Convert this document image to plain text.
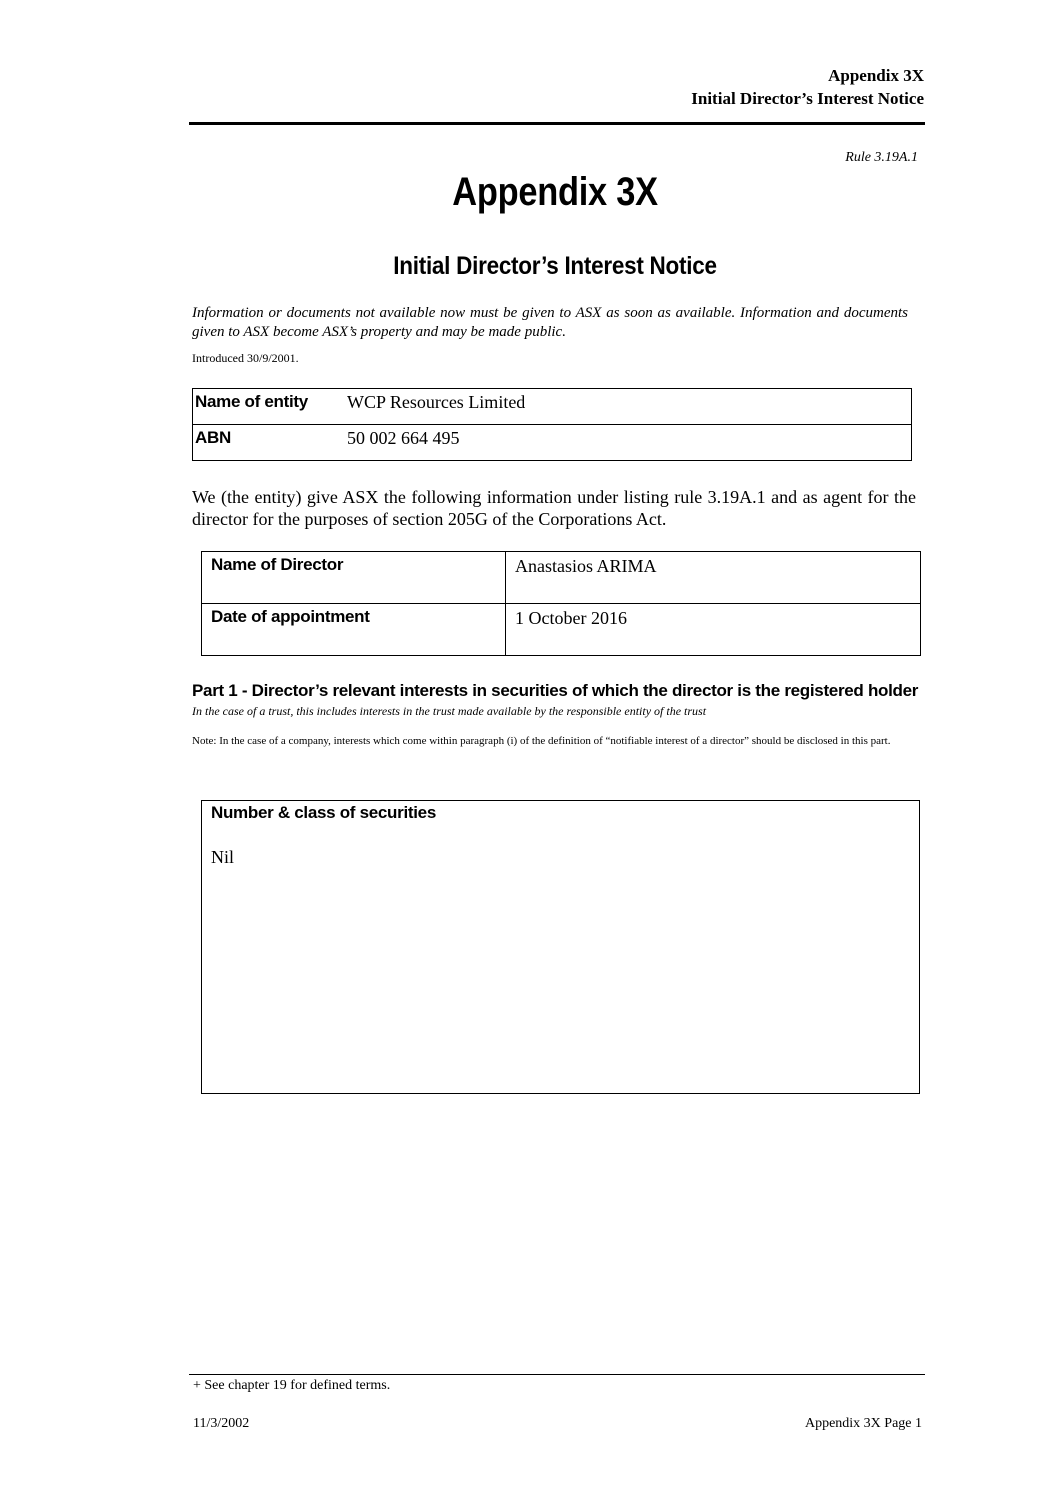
Appendix 3X
Initial Director’s Interest Notice
Rule 3.19A.1
Appendix 3X
Initial Director’s Interest Notice
Information or documents not available now must be given to ASX as soon as available. Information and documents given to ASX become ASX’s property and may be made public.
Introduced 30/9/2001.
Name of entity	WCP Resources Limited
ABN	50 002 664 495
We (the entity) give ASX the following information under listing rule 3.19A.1 and as agent for the director for the purposes of section 205G of the Corporations Act.
Name of Director	Anastasios ARIMA
Date of appointment	1 October 2016
Part 1 - Director’s relevant interests in securities of which the director is the registered holder
In the case of a trust, this includes interests in the trust made available by the responsible entity of the trust
Note: In the case of a company, interests which come within paragraph (i) of the definition of “notifiable interest of a director” should be disclosed in this part.
Number & class of securities
Nil
+ See chapter 19 for defined terms.
11/3/2002	Appendix 3X Page 1
